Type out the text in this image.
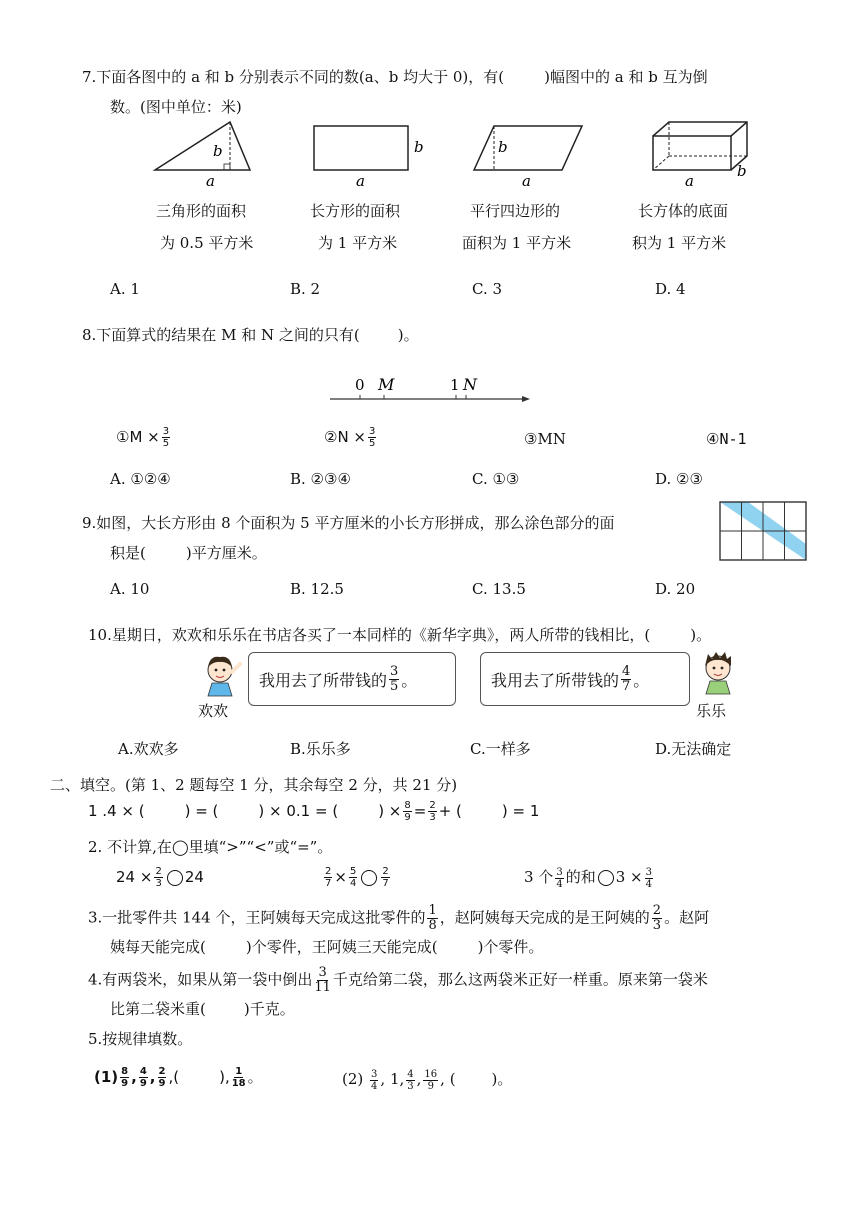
7.下面各图中的 a 和 b 分别表示不同的数(a、b 均大于 0)，有(	)幅图中的 a 和 b 互为倒
数。(图中单位：米)
b
a
b
a
b
a
b
a
三角形的面积
为 0.5 平方米
长方形的面积
为 1 平方米
平行四边形的
面积为 1 平方米
长方体的底面
积为 1 平方米
A. 1	B. 2	C. 3	D. 4
8.下面算式的结果在 M 和 N 之间的只有(	)。
0 M	1 N
①M × $\frac{3}{5}$	②N × $\frac{3}{5}$	③MN	④N-1
A. ①②④	B. ②③④	C. ①③	D. ②③
9.如图，大长方形由 8 个面积为 5 平方厘米的小长方形拼成，那么涂色部分的面
积是(	)平方厘米。
A. 10	B. 12.5	C. 13.5	D. 20
10.星期日，欢欢和乐乐在书店各买了一本同样的《新华字典》，两人所带的钱相比，(	)。
欢欢
我用去了所带钱的 $\frac{3}{5}$ 。	我用去了所带钱的 $\frac{4}{7}$ 。
乐乐
A.欢欢多	B.乐乐多	C.一样多	D.无法确定
二、填空。(第 1、2 题每空 1 分，其余每空 2 分，共 21 分)
1 .4 × (	) = (	) × 0.1 = (	) × $\frac{8}{9} = \frac{2}{3}$ + (	) = 1
2. 不计算,在◯里填“>”“<”或“=”。
$24 \times \frac{2}{3} 24$	$\frac{2}{7} \times \frac{5}{4} \frac{2}{7}$	3 个 $\frac{3}{4}$ 的和 $3 \times \frac{3}{4}$
3.一批零件共 144 个，王阿姨每天完成这批零件的 $\frac{1}{8}$ ，赵阿姨每天完成的是王阿姨的 $\frac{2}{3}$ 。赵阿
姨每天能完成(	)个零件，王阿姨三天能完成(	)个零件。
4.有两袋米，如果从第一袋中倒出 $\frac{3}{11}$ 千克给第二袋，那么这两袋米正好一样重。原来第一袋米
比第二袋米重(	)千克。
5.按规律填数。
$(1) \frac{8}{9}$ , $\frac{4}{9}$ , $\frac{2}{9}$ ,(	), $\frac{1}{18}$ 。	$(2) \frac{3}{4}$ , 1, $\frac{4}{3}$ , $\frac{16}{9}$ , ( )。
